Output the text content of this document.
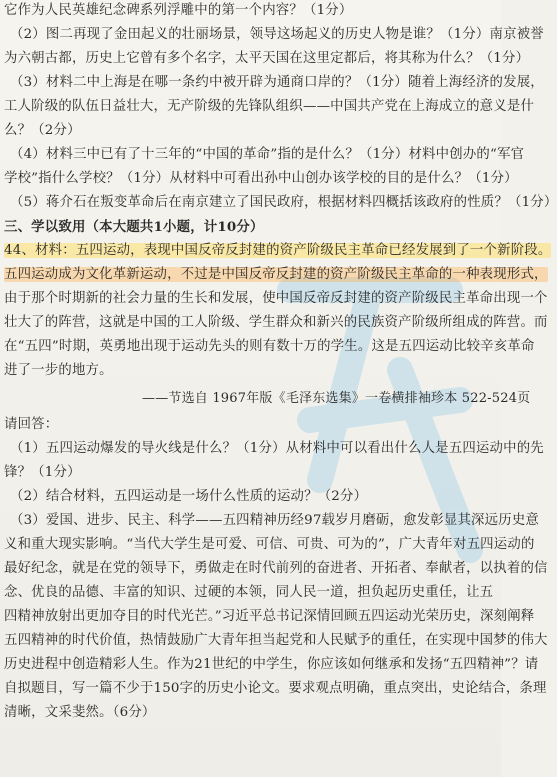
它作为人民英雄纪念碑系列浮雕中的第一个内容？（1分）
（2）图二再现了金田起义的壮丽场景，领导这场起义的历史人物是谁？（1分）南京被誉
为六朝古都，历史上它曾有多个名字，太平天国在这里定都后，将其称为什么？（1分）
（3）材料二中上海是在哪一条约中被开辟为通商口岸的？（1分）随着上海经济的发展，
工人阶级的队伍日益壮大，无产阶级的先锋队组织——中国共产党在上海成立的意义是什
么？（2分）
（4）材料三中已有了十三年的“中国的革命”指的是什么？（1分）材料中创办的“军官
学校”指什么学校？（1分）从材料中可看出孙中山创办该学校的目的是什么？（1分）
（5）蒋介石在叛变革命后在南京建立了国民政府，根据材料四概括该政府的性质？（1分）
三、学以致用（本大题共1小题，计10分）
44、材料：五四运动，表现中国反帝反封建的资产阶级民主革命已经发展到了一个新阶段。
五四运动成为文化革新运动，不过是中国反帝反封建的资产阶级民主革命的一种表现形式，
由于那个时期新的社会力量的生长和发展，使中国反帝反封建的资产阶级民主革命出现一个
壮大了的阵营，这就是中国的工人阶级、学生群众和新兴的民族资产阶级所组成的阵营。而
在“五四”时期，英勇地出现于运动先头的则有数十万的学生。这是五四运动比较辛亥革命
进了一步的地方。
——节选自 1967年版《毛泽东选集》一卷横排袖珍本 522-524页
请回答：
（1）五四运动爆发的导火线是什么？（1分）从材料中可以看出什么人是五四运动中的先
锋？（1分）
（2）结合材料，五四运动是一场什么性质的运动？（2分）
（3）爱国、进步、民主、科学——五四精神历经97载岁月磨砺，愈发彰显其深远历史意
义和重大现实影响。“当代大学生是可爱、可信、可贵、可为的”，广大青年对五四运动的
最好纪念，就是在党的领导下，勇做走在时代前列的奋进者、开拓者、奉献者，以执着的信
念、优良的品德、丰富的知识、过硬的本领，同人民一道，担负起历史重任，让五
四精神放射出更加夺目的时代光芒。”习近平总书记深情回顾五四运动光荣历史，深刻阐释
五四精神的时代价值，热情鼓励广大青年担当起党和人民赋予的重任，在实现中国梦的伟大
历史进程中创造精彩人生。作为21世纪的中学生，你应该如何继承和发扬“五四精神”？请
自拟题目，写一篇不少于150字的历史小论文。要求观点明确，重点突出，史论结合，条理
清晰，文采斐然。（6分）
